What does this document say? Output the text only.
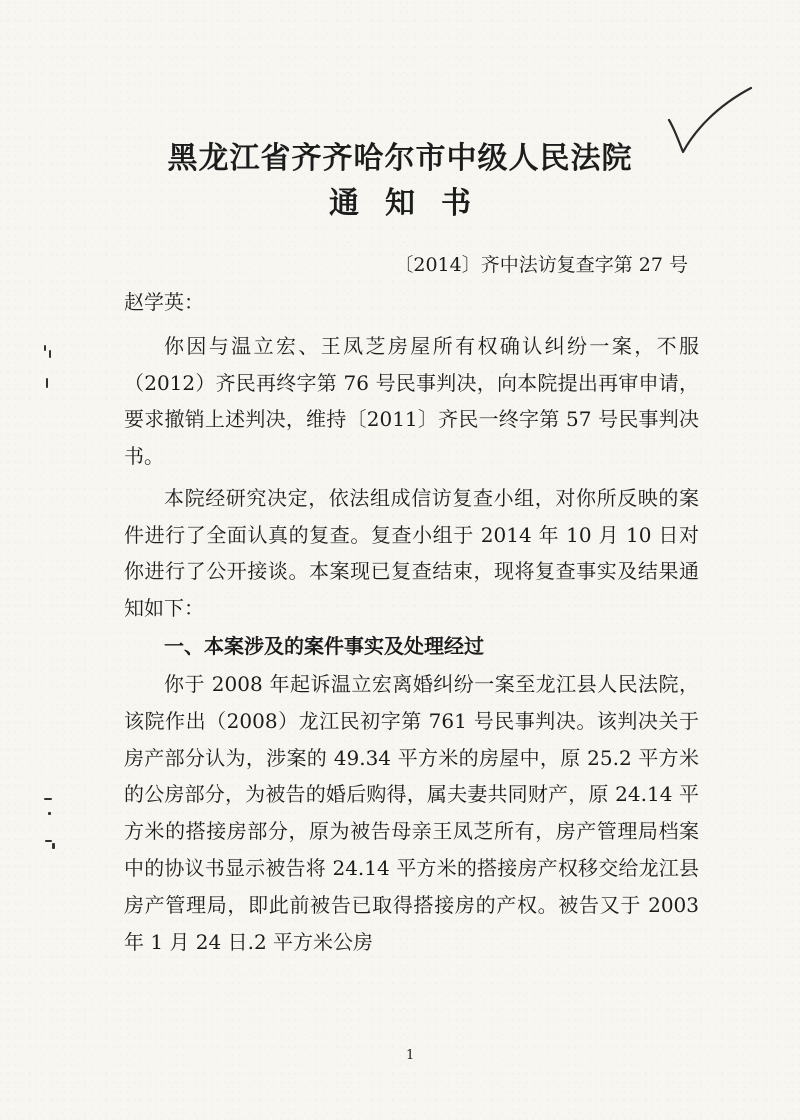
黑龙江省齐齐哈尔市中级人民法院
通知书
〔2014〕齐中法访复查字第 27 号
赵学英：
你因与温立宏、王凤芝房屋所有权确认纠纷一案，不服（2012）齐民再终字第 76 号民事判决，向本院提出再审申请，要求撤销上述判决，维持〔2011〕齐民一终字第 57 号民事判决书。
本院经研究决定，依法组成信访复查小组，对你所反映的案件进行了全面认真的复查。复查小组于 2014 年 10 月 10 日对你进行了公开接谈。本案现已复查结束，现将复查事实及结果通知如下：
一、本案涉及的案件事实及处理经过
你于 2008 年起诉温立宏离婚纠纷一案至龙江县人民法院，该院作出（2008）龙江民初字第 761 号民事判决。该判决关于房产部分认为，涉案的 49.34 平方米的房屋中，原 25.2 平方米的公房部分，为被告的婚后购得，属夫妻共同财产，原 24.14 平方米的搭接房部分，原为被告母亲王凤芝所有，房产管理局档案中的协议书显示被告将 24.14 平方米的搭接房产权移交给龙江县房产管理局，即此前被告已取得搭接房的产权。被告又于 2003 年 1 月 24 日.2 平方米公房
1
